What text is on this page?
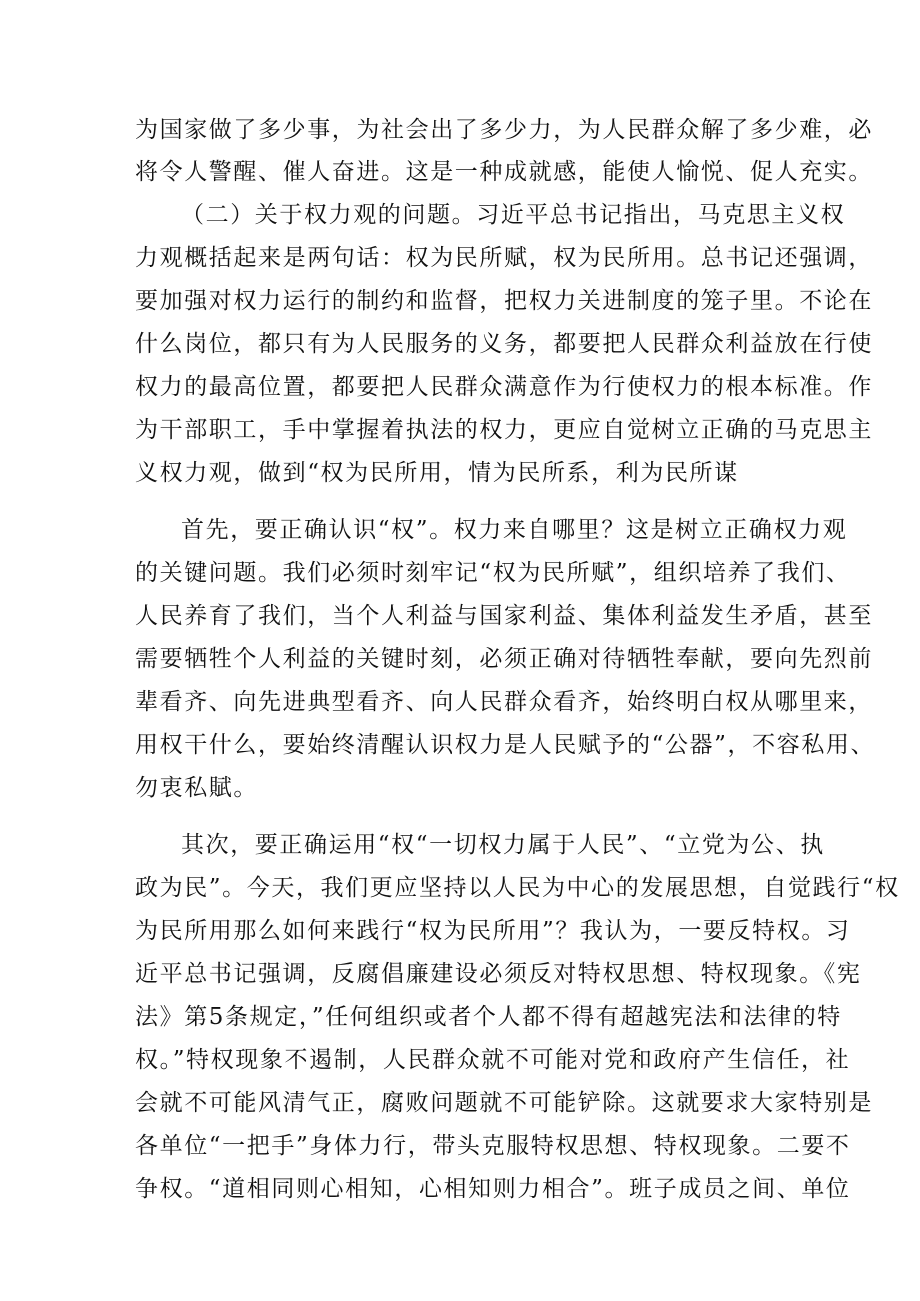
为国家做了多少事，为社会出了多少力，为人民群众解了多少难，必
将令人警醒、催人奋进。这是一种成就感，能使人愉悦、促人充实。
（二）关于权力观的问题。习近平总书记指出，马克思主义权
力观概括起来是两句话：权为民所赋，权为民所用。总书记还强调，
要加强对权力运行的制约和监督，把权力关进制度的笼子里。不论在
什么岗位，都只有为人民服务的义务，都要把人民群众利益放在行使
权力的最高位置，都要把人民群众满意作为行使权力的根本标准。作
为干部职工，手中掌握着执法的权力，更应自觉树立正确的马克思主
义权力观，做到“权为民所用，情为民所系，利为民所谋
首先，要正确认识“权”。权力来自哪里？这是树立正确权力观
的关键问题。我们必须时刻牢记“权为民所赋”，组织培养了我们、
人民养育了我们，当个人利益与国家利益、集体利益发生矛盾，甚至
需要牺牲个人利益的关键时刻，必须正确对待牺牲奉献，要向先烈前
辈看齐、向先进典型看齐、向人民群众看齐，始终明白权从哪里来，
用权干什么，要始终清醒认识权力是人民赋予的“公器”，不容私用、
勿衷私賦。
其次，要正确运用“权“一切权力属于人民”、“立党为公、执
政为民”。今天，我们更应坚持以人民为中心的发展思想，自觉践行“权
为民所用那么如何来践行“权为民所用”？我认为，一要反特权。习
近平总书记强调，反腐倡廉建设必须反对特权思想、特权现象。《宪
法》第5条规定，”任何组织或者个人都不得有超越宪法和法律的特
权。”特权现象不遏制，人民群众就不可能对党和政府产生信任，社
会就不可能风清气正，腐败问题就不可能铲除。这就要求大家特别是
各单位“一把手”身体力行，带头克服特权思想、特权现象。二要不
争权。“道相同则心相知，心相知则力相合”。班子成员之间、单位
